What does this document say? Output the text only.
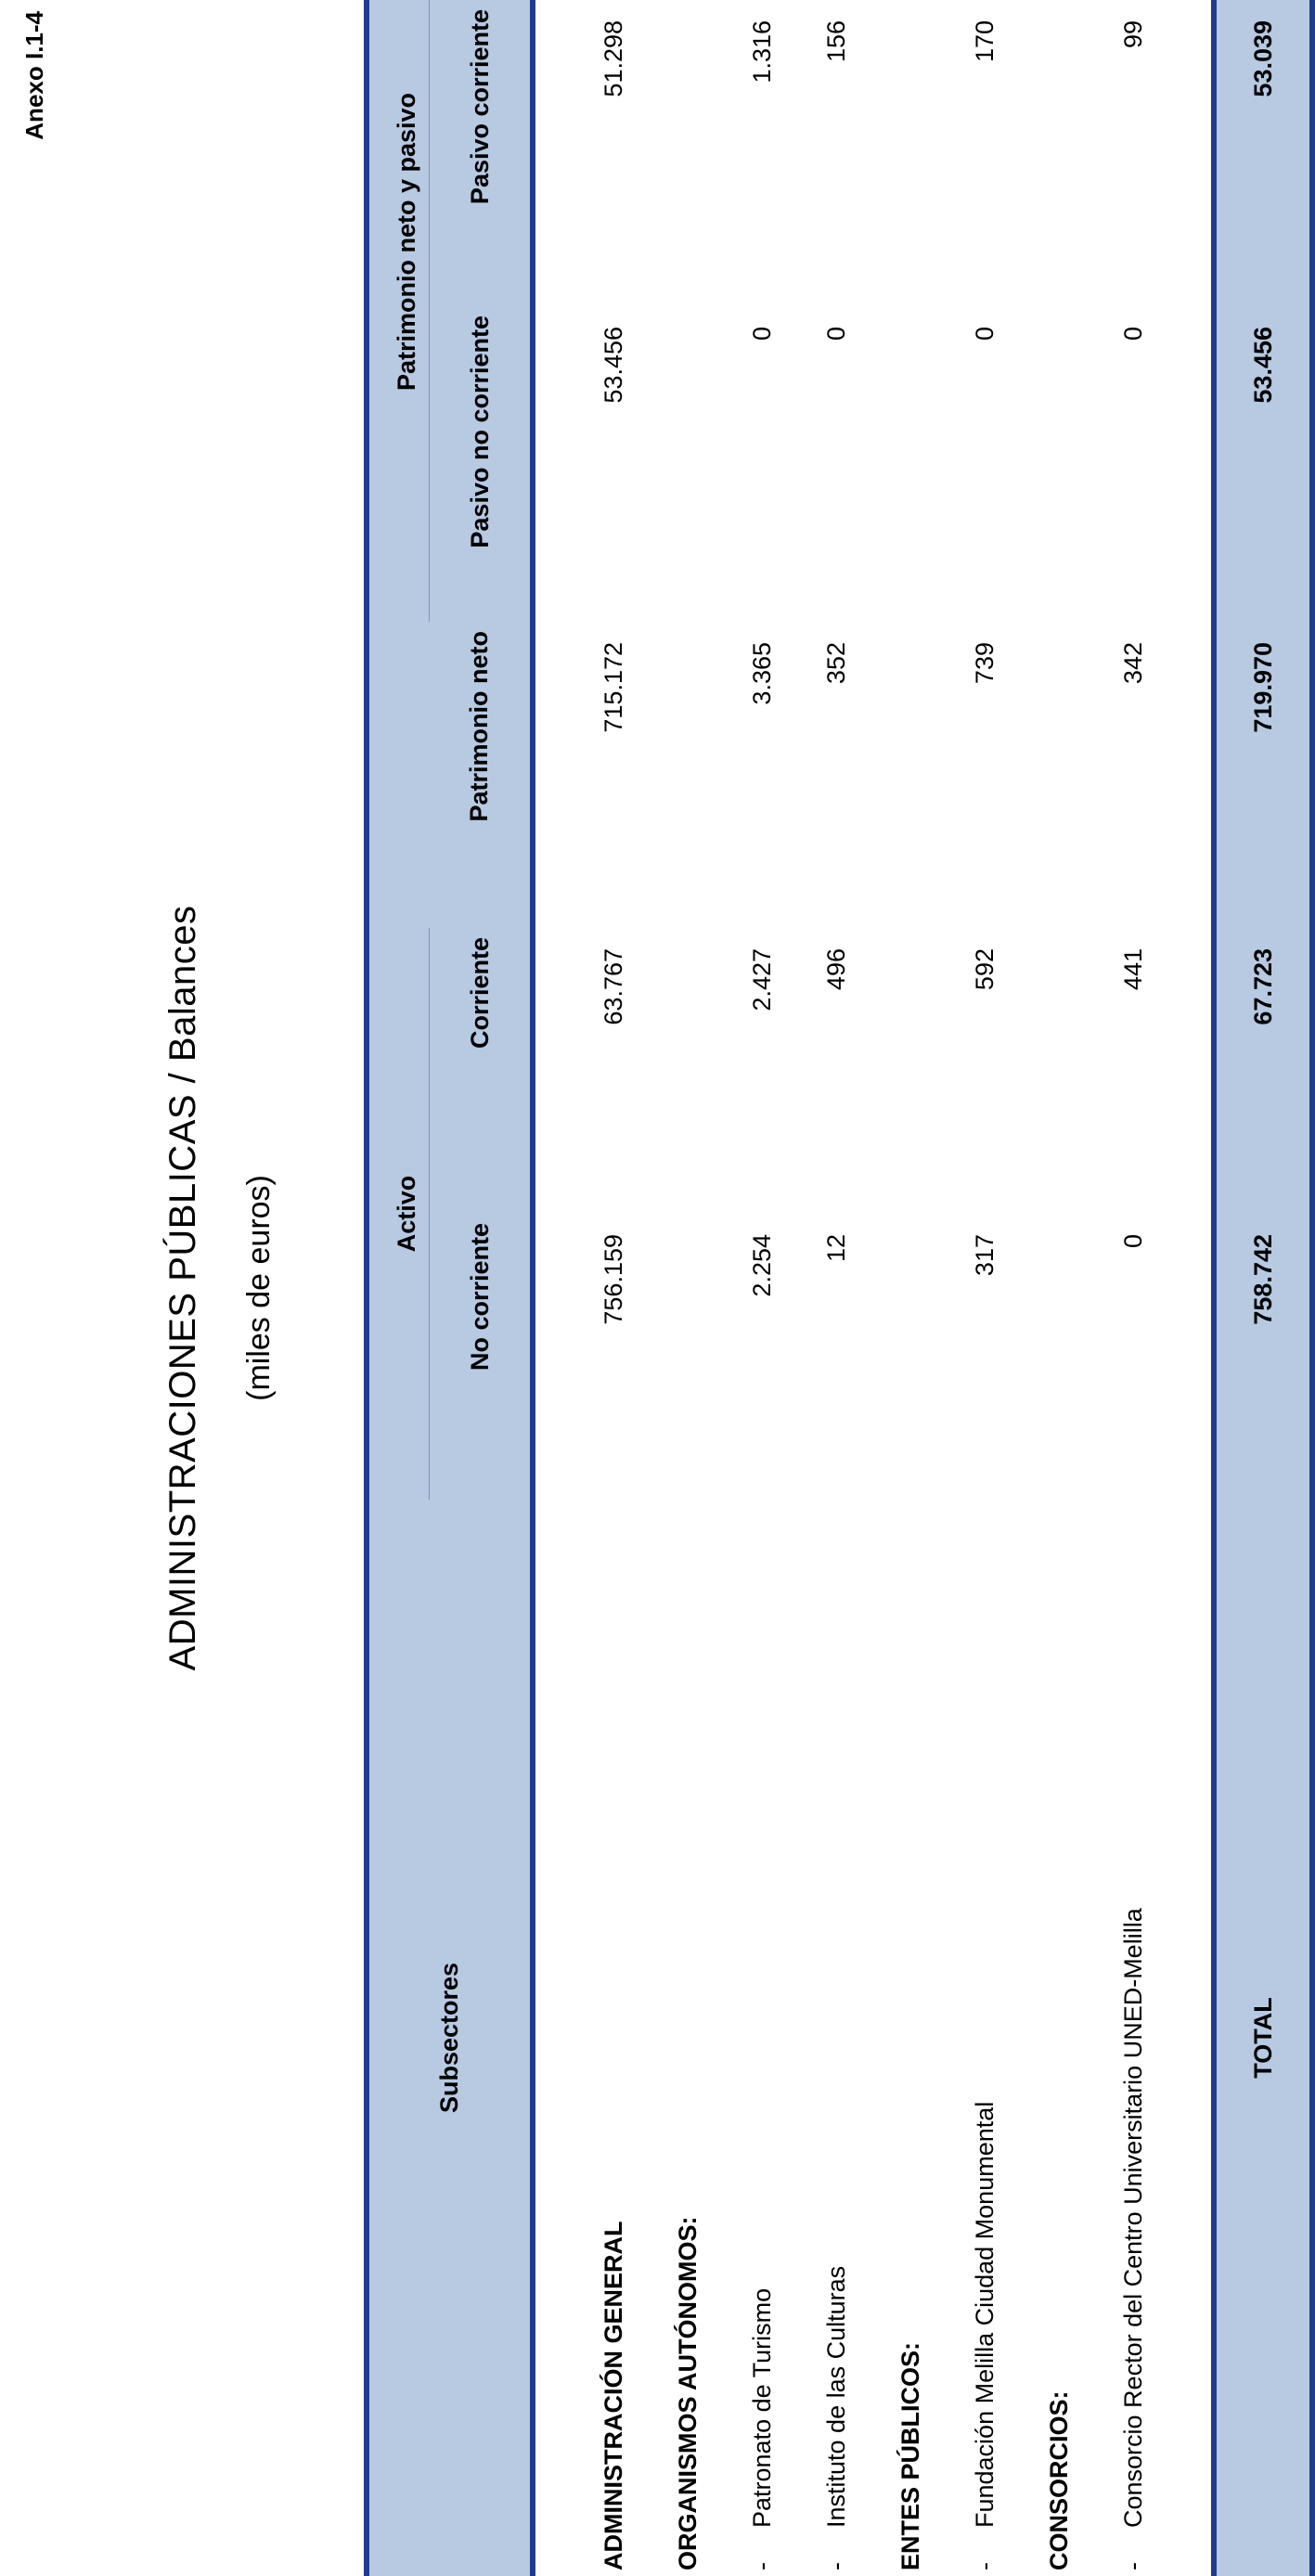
Anexo I.1-4
ADMINISTRACIONES PÚBLICAS / Balances (miles de euros)
Subsectores	Activo		Patrimonio neto y pasivo		

	No corriente	Corriente	Patrimonio neto	Pasivo no corriente	Pasivo corriente

ADMINISTRACIÓN GENERAL	756.159	63.767	715.172	53.456	51.298
ORGANISMOS AUTÓNOMOS:					
-Patronato de Turismo	2.254	2.427	3.365	0	1.316
-Instituto de las Culturas	12	496	352	0	156
ENTES PÚBLICOS:					
-Fundación Melilla Ciudad Monumental	317	592	739	0	170
CONSORCIOS:					
-Consorcio Rector del Centro Universitario UNED-Melilla	0	441	342	0	99

TOTAL	758.742	67.723	719.970	53.456	53.039
